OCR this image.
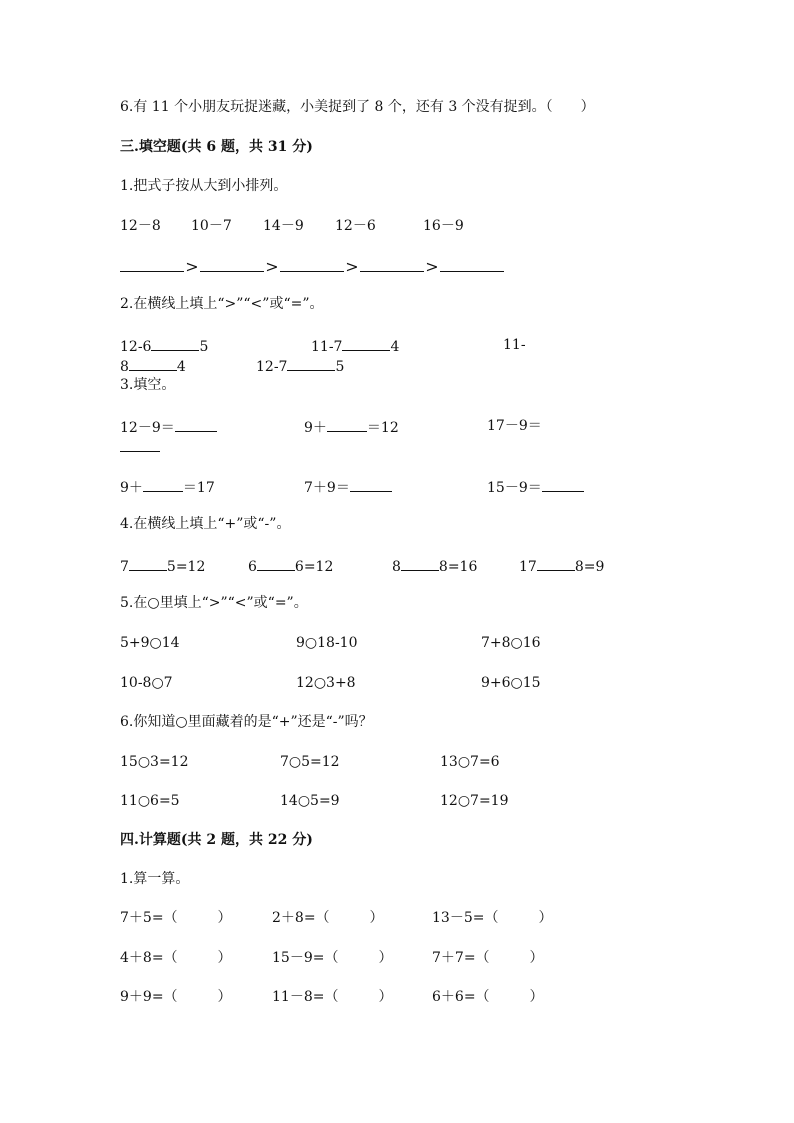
6.有 11 个小朋友玩捉迷藏，小美捉到了 8 个，还有 3 个没有捉到。（　　）
三.填空题(共 6 题，共 31 分)
1.把式子按从大到小排列。
12－8 10－7 14－9 12－6	16－9
>	>	>	>
2.在横线上填上“>”“<”或“=”。
12-6	5	11-7	4	11-
8	4	12-7	5
3.填空。
12－9＝	9＋	＝12	17－9＝
9＋	＝17	7＋9＝	15－9＝
4.在横线上填上“+”或“-”。
7	5=12	6	6=12	8	8=16	17	8=9
5.在○里填上“>”“<”或“=”。
5+9○14	9○18-10	7+8○16
10-8○7	12○3+8	9+6○15
6.你知道○里面藏着的是“+”还是“-”吗？
15○3=12	7○5=12	13○7=6
11○6=5	14○5=9	12○7=19
四.计算题(共 2 题，共 22 分)
1.算一算。
7＋5=（	）	2＋8=（	）	13－5=（	）
4＋8=（	）	15－9=（	）	7＋7=（	）
9＋9=（	）	11－8=（	）	6＋6=（	）
